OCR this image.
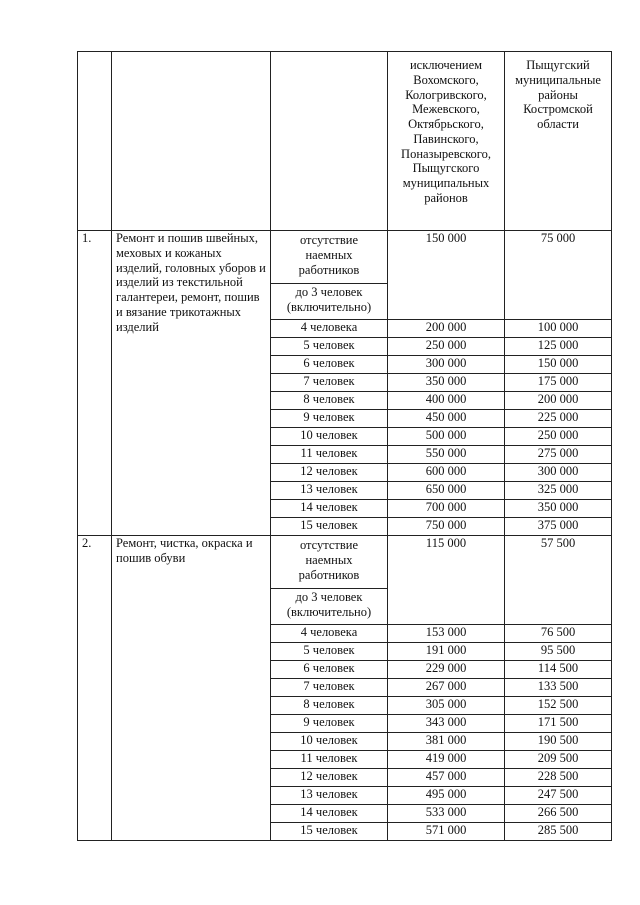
			исключением Вохомского, Кологривского, Межевского, Октябрьского, Павинского, Поназыревского, Пыщугского муниципальных районов	Пыщугский муниципальные районы Костромской области
1.	Ремонт и пошив швейных, меховых и кожаных изделий, головных уборов и изделий из текстильной галантереи, ремонт, пошив и вязание трикотажных изделий	отсутствие наемных работников	150 000	75 000
		до 3 человек (включительно)		
		4 человека	200 000	100 000
		5 человек	250 000	125 000
		6 человек	300 000	150 000
		7 человек	350 000	175 000
		8 человек	400 000	200 000
		9 человек	450 000	225 000
		10 человек	500 000	250 000
		11 человек	550 000	275 000
		12 человек	600 000	300 000
		13 человек	650 000	325 000
		14 человек	700 000	350 000
		15 человек	750 000	375 000
2.	Ремонт, чистка, окраска и пошив обуви	отсутствие наемных работников	115 000	57 500
		до 3 человек (включительно)		
		4 человека	153 000	76 500
		5 человек	191 000	95 500
		6 человек	229 000	114 500
		7 человек	267 000	133 500
		8 человек	305 000	152 500
		9 человек	343 000	171 500
		10 человек	381 000	190 500
		11 человек	419 000	209 500
		12 человек	457 000	228 500
		13 человек	495 000	247 500
		14 человек	533 000	266 500
		15 человек	571 000	285 500
